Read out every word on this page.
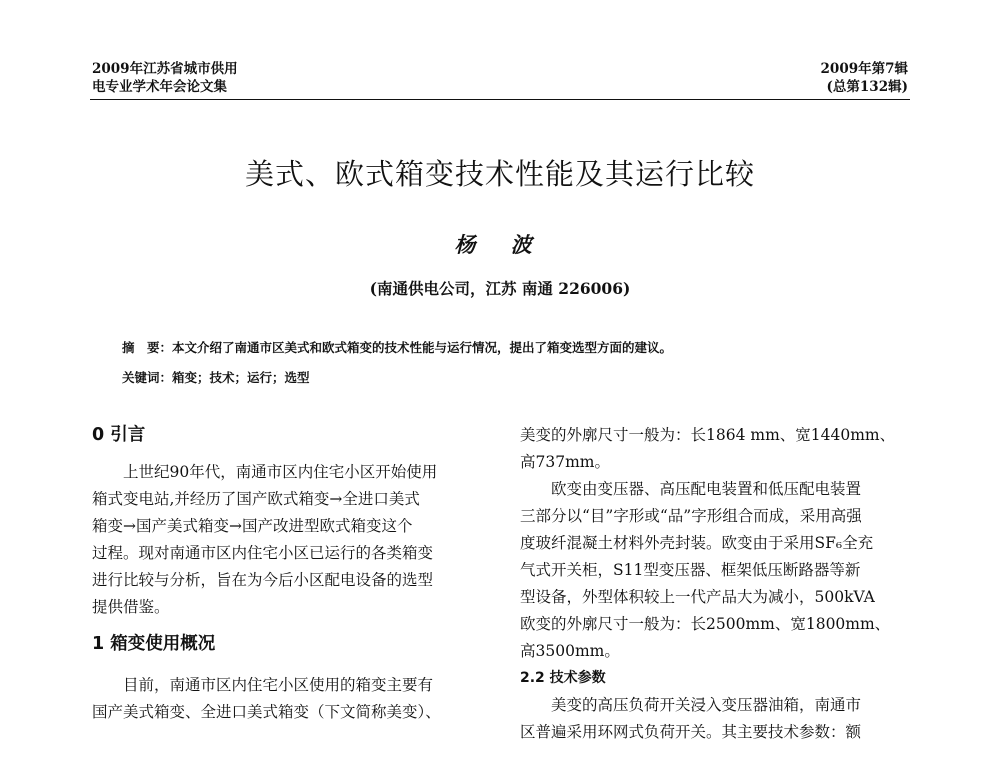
2009年江苏省城市供用
电专业学术年会论文集
2009年第7辑
(总第132辑)
美式、欧式箱变技术性能及其运行比较
杨 波
(南通供电公司，江苏 南通 226006)
摘　要：本文介绍了南通市区美式和欧式箱变的技术性能与运行情况，提出了箱变选型方面的建议。
关键词：箱变；技术；运行；选型

0 引言

上世纪90年代，南通市区内住宅小区开始使用

箱式变电站,并经历了国产欧式箱变→全进口美式

箱变→国产美式箱变→国产改进型欧式箱变这个

过程。现对南通市区内住宅小区已运行的各类箱变

进行比较与分析，旨在为今后小区配电设备的选型

提供借鉴。

1 箱变使用概况

目前，南通市区内住宅小区使用的箱变主要有

国产美式箱变、全进口美式箱变（下文简称美变）、

美变的外廓尺寸一般为：长1864 mm、宽1440mm、

高737mm。

欧变由变压器、高压配电装置和低压配电装置

三部分以“目”字形或“品”字形组合而成，采用高强

度玻纤混凝土材料外壳封装。欧变由于采用SF₆全充

气式开关柜，S11型变压器、框架低压断路器等新

型设备，外型体积较上一代产品大为减小，500kVA

欧变的外廓尺寸一般为：长2500mm、宽1800mm、

高3500mm。

2.2 技术参数

美变的高压负荷开关浸入变压器油箱，南通市

区普遍采用环网式负荷开关。其主要技术参数：额
